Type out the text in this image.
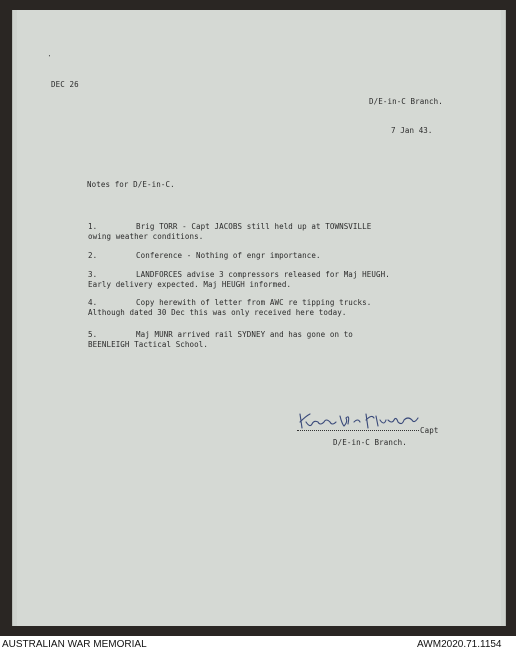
‧
DEC 26
D/E-in-C Branch.
7 Jan 43.
Notes for D/E-in-C.
1.	Brig TORR - Capt JACOBS still held up at TOWNSVILLE
owing weather conditions.
2.	Conference - Nothing of engr importance.
3.	LANDFORCES advise 3 compressors released for Maj HEUGH.
Early delivery expected. Maj HEUGH informed.
4.	Copy herewith of letter from AWC re tipping trucks.
Although dated 30 Dec this was only received here today.
5.	Maj MUNR arrived rail SYDNEY and has gone on to
BEENLEIGH Tactical School.
Capt
D/E-in-C Branch.
AUSTRALIAN WAR MEMORIAL	AWM2020.71.1154
